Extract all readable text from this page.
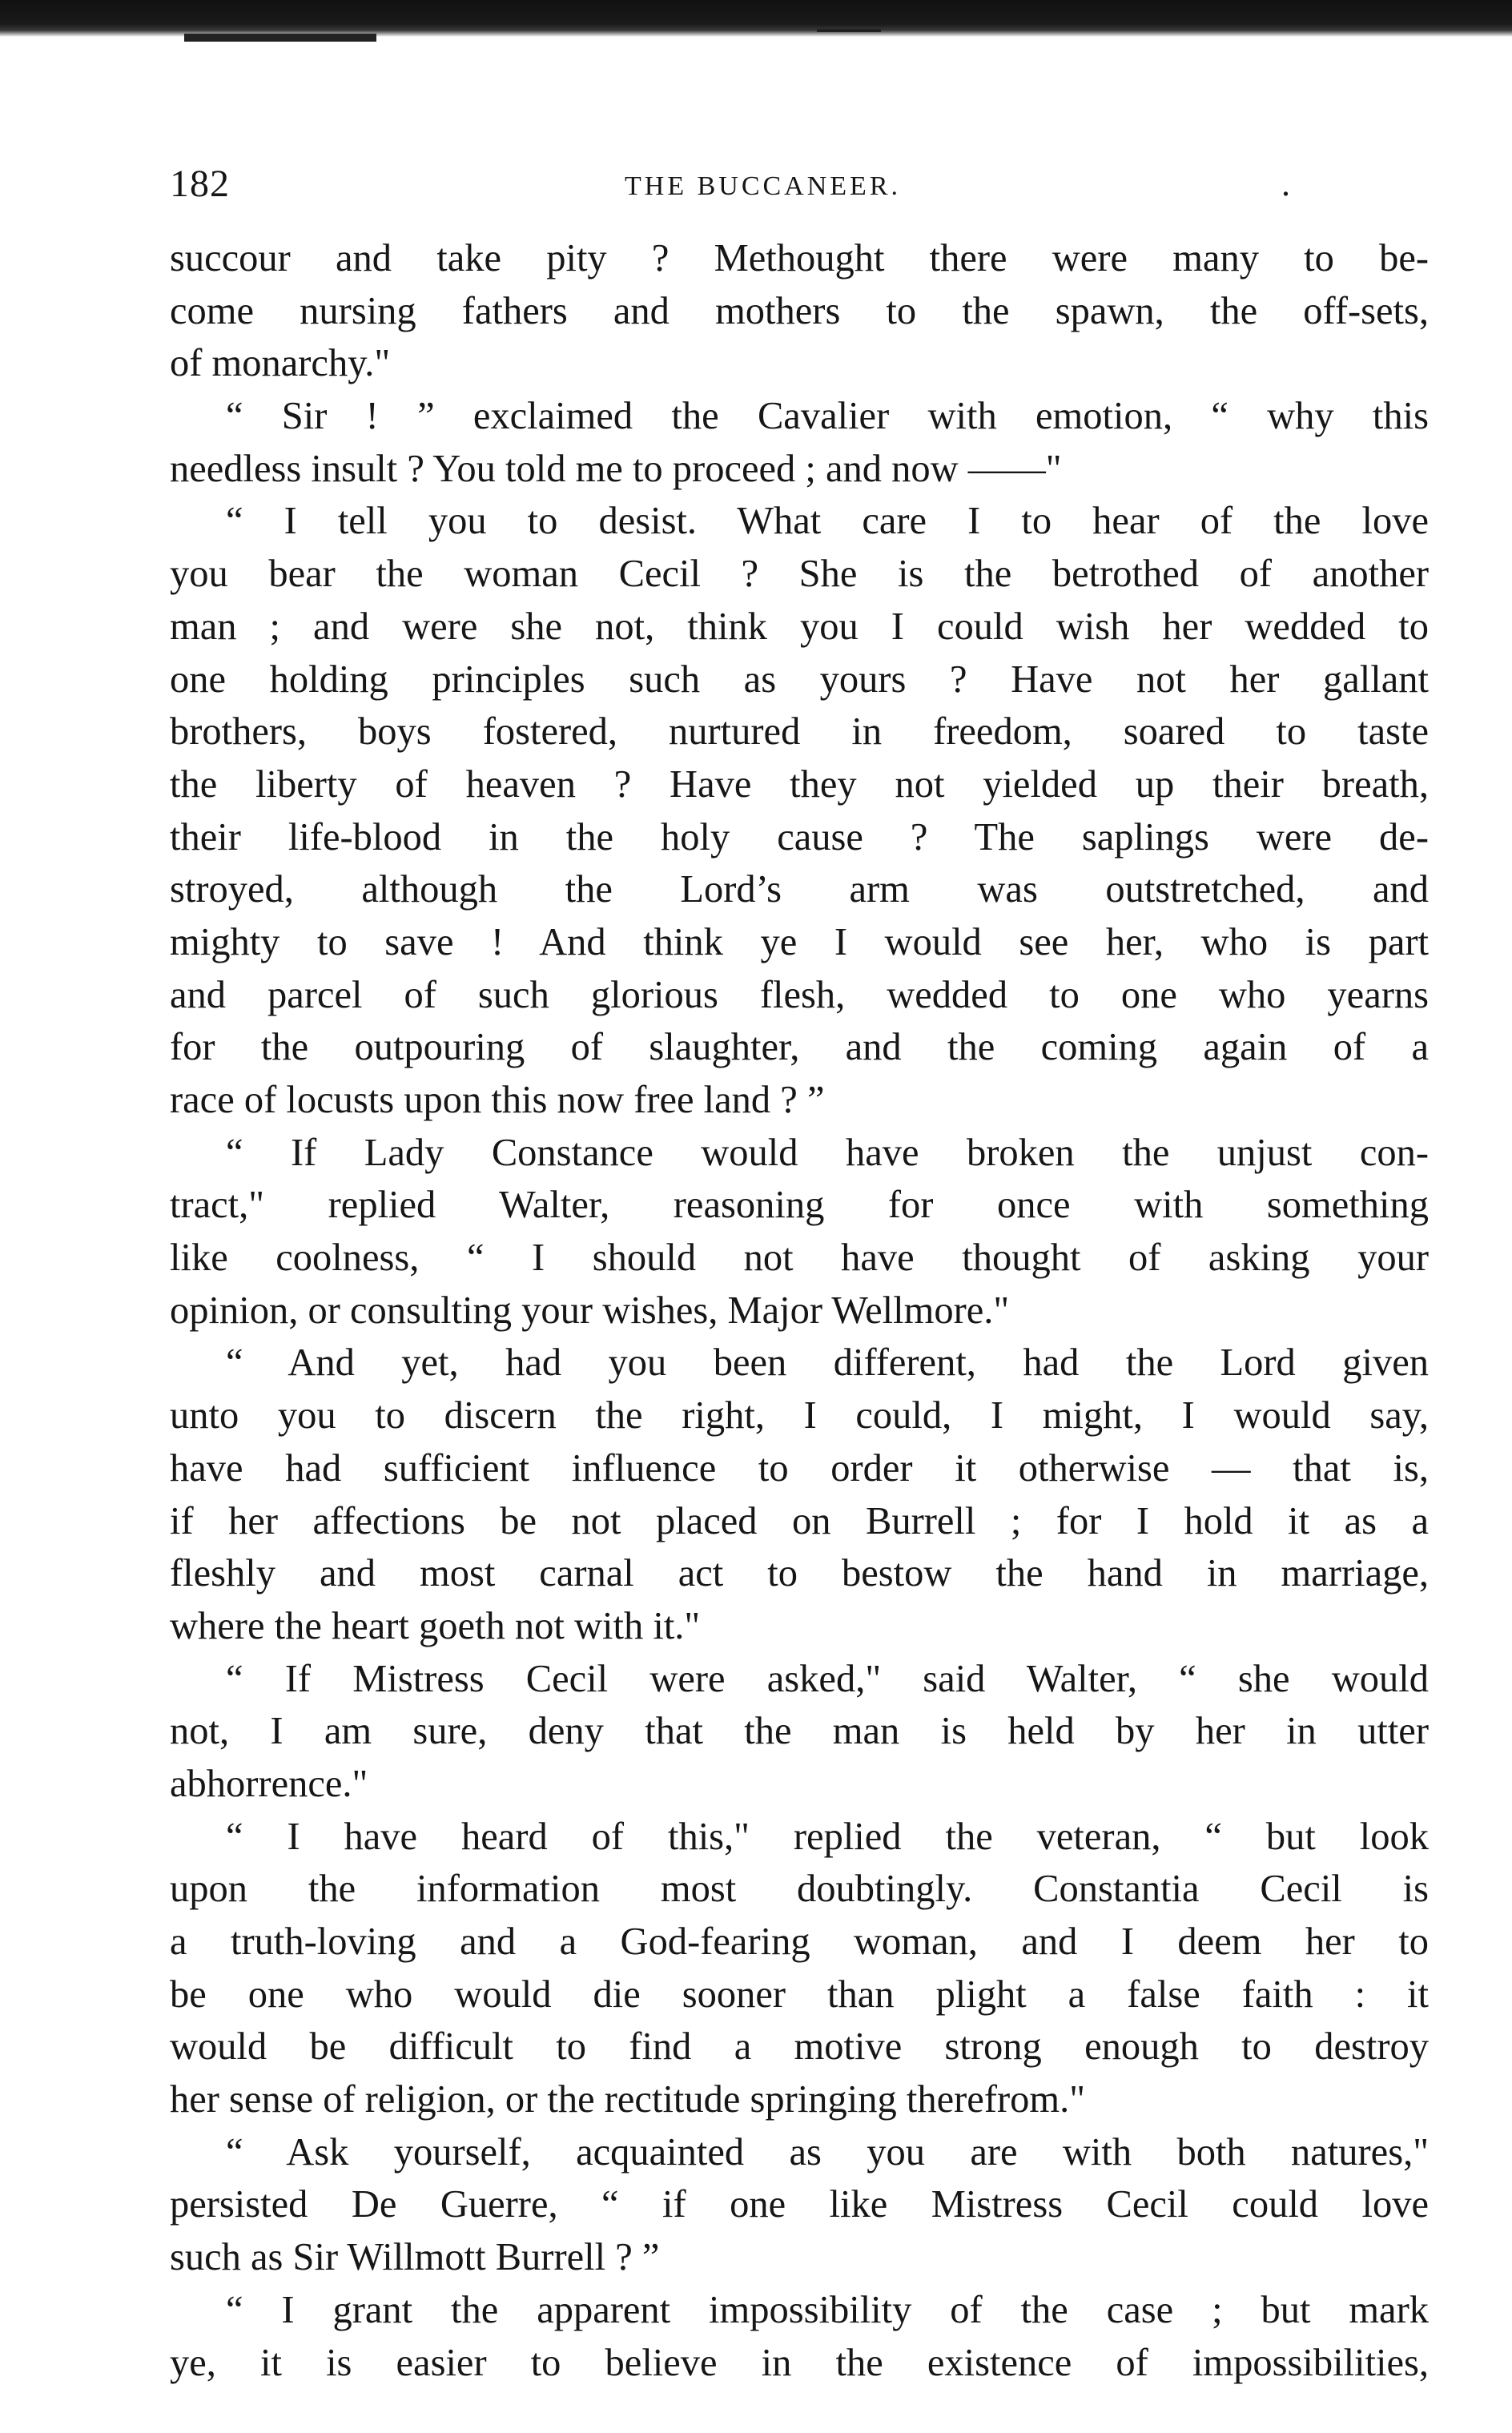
182	THE BUCCANEER.	.
succour and take pity ? Methought there were many to be-
come nursing fathers and mothers to the spawn, the off-sets,
of monarchy."
“ Sir ! ” exclaimed the Cavalier with emotion, “ why this
needless insult ? You told me to proceed ; and now ——"
“ I tell you to desist. What care I to hear of the love
you bear the woman Cecil ? She is the betrothed of another
man ; and were she not, think you I could wish her wedded to
one holding principles such as yours ? Have not her gallant
brothers, boys fostered, nurtured in freedom, soared to taste
the liberty of heaven ? Have they not yielded up their breath,
their life-blood in the holy cause ? The saplings were de-
stroyed, although the Lord’s arm was outstretched, and
mighty to save ! And think ye I would see her, who is part
and parcel of such glorious flesh, wedded to one who yearns
for the outpouring of slaughter, and the coming again of a
race of locusts upon this now free land ? ”
“ If Lady Constance would have broken the unjust con-
tract," replied Walter, reasoning for once with something
like coolness, “ I should not have thought of asking your
opinion, or consulting your wishes, Major Wellmore."
“ And yet, had you been different, had the Lord given
unto you to discern the right, I could, I might, I would say,
have had sufficient influence to order it otherwise — that is,
if her affections be not placed on Burrell ; for I hold it as a
fleshly and most carnal act to bestow the hand in marriage,
where the heart goeth not with it."
“ If Mistress Cecil were asked," said Walter, “ she would
not, I am sure, deny that the man is held by her in utter
abhorrence."
“ I have heard of this," replied the veteran, “ but look
upon the information most doubtingly. Constantia Cecil is
a truth-loving and a God-fearing woman, and I deem her to
be one who would die sooner than plight a false faith : it
would be difficult to find a motive strong enough to destroy
her sense of religion, or the rectitude springing therefrom."
“ Ask yourself, acquainted as you are with both natures,"
persisted De Guerre, “ if one like Mistress Cecil could love
such as Sir Willmott Burrell ? ”
“ I grant the apparent impossibility of the case ; but mark
ye, it is easier to believe in the existence of impossibilities,
